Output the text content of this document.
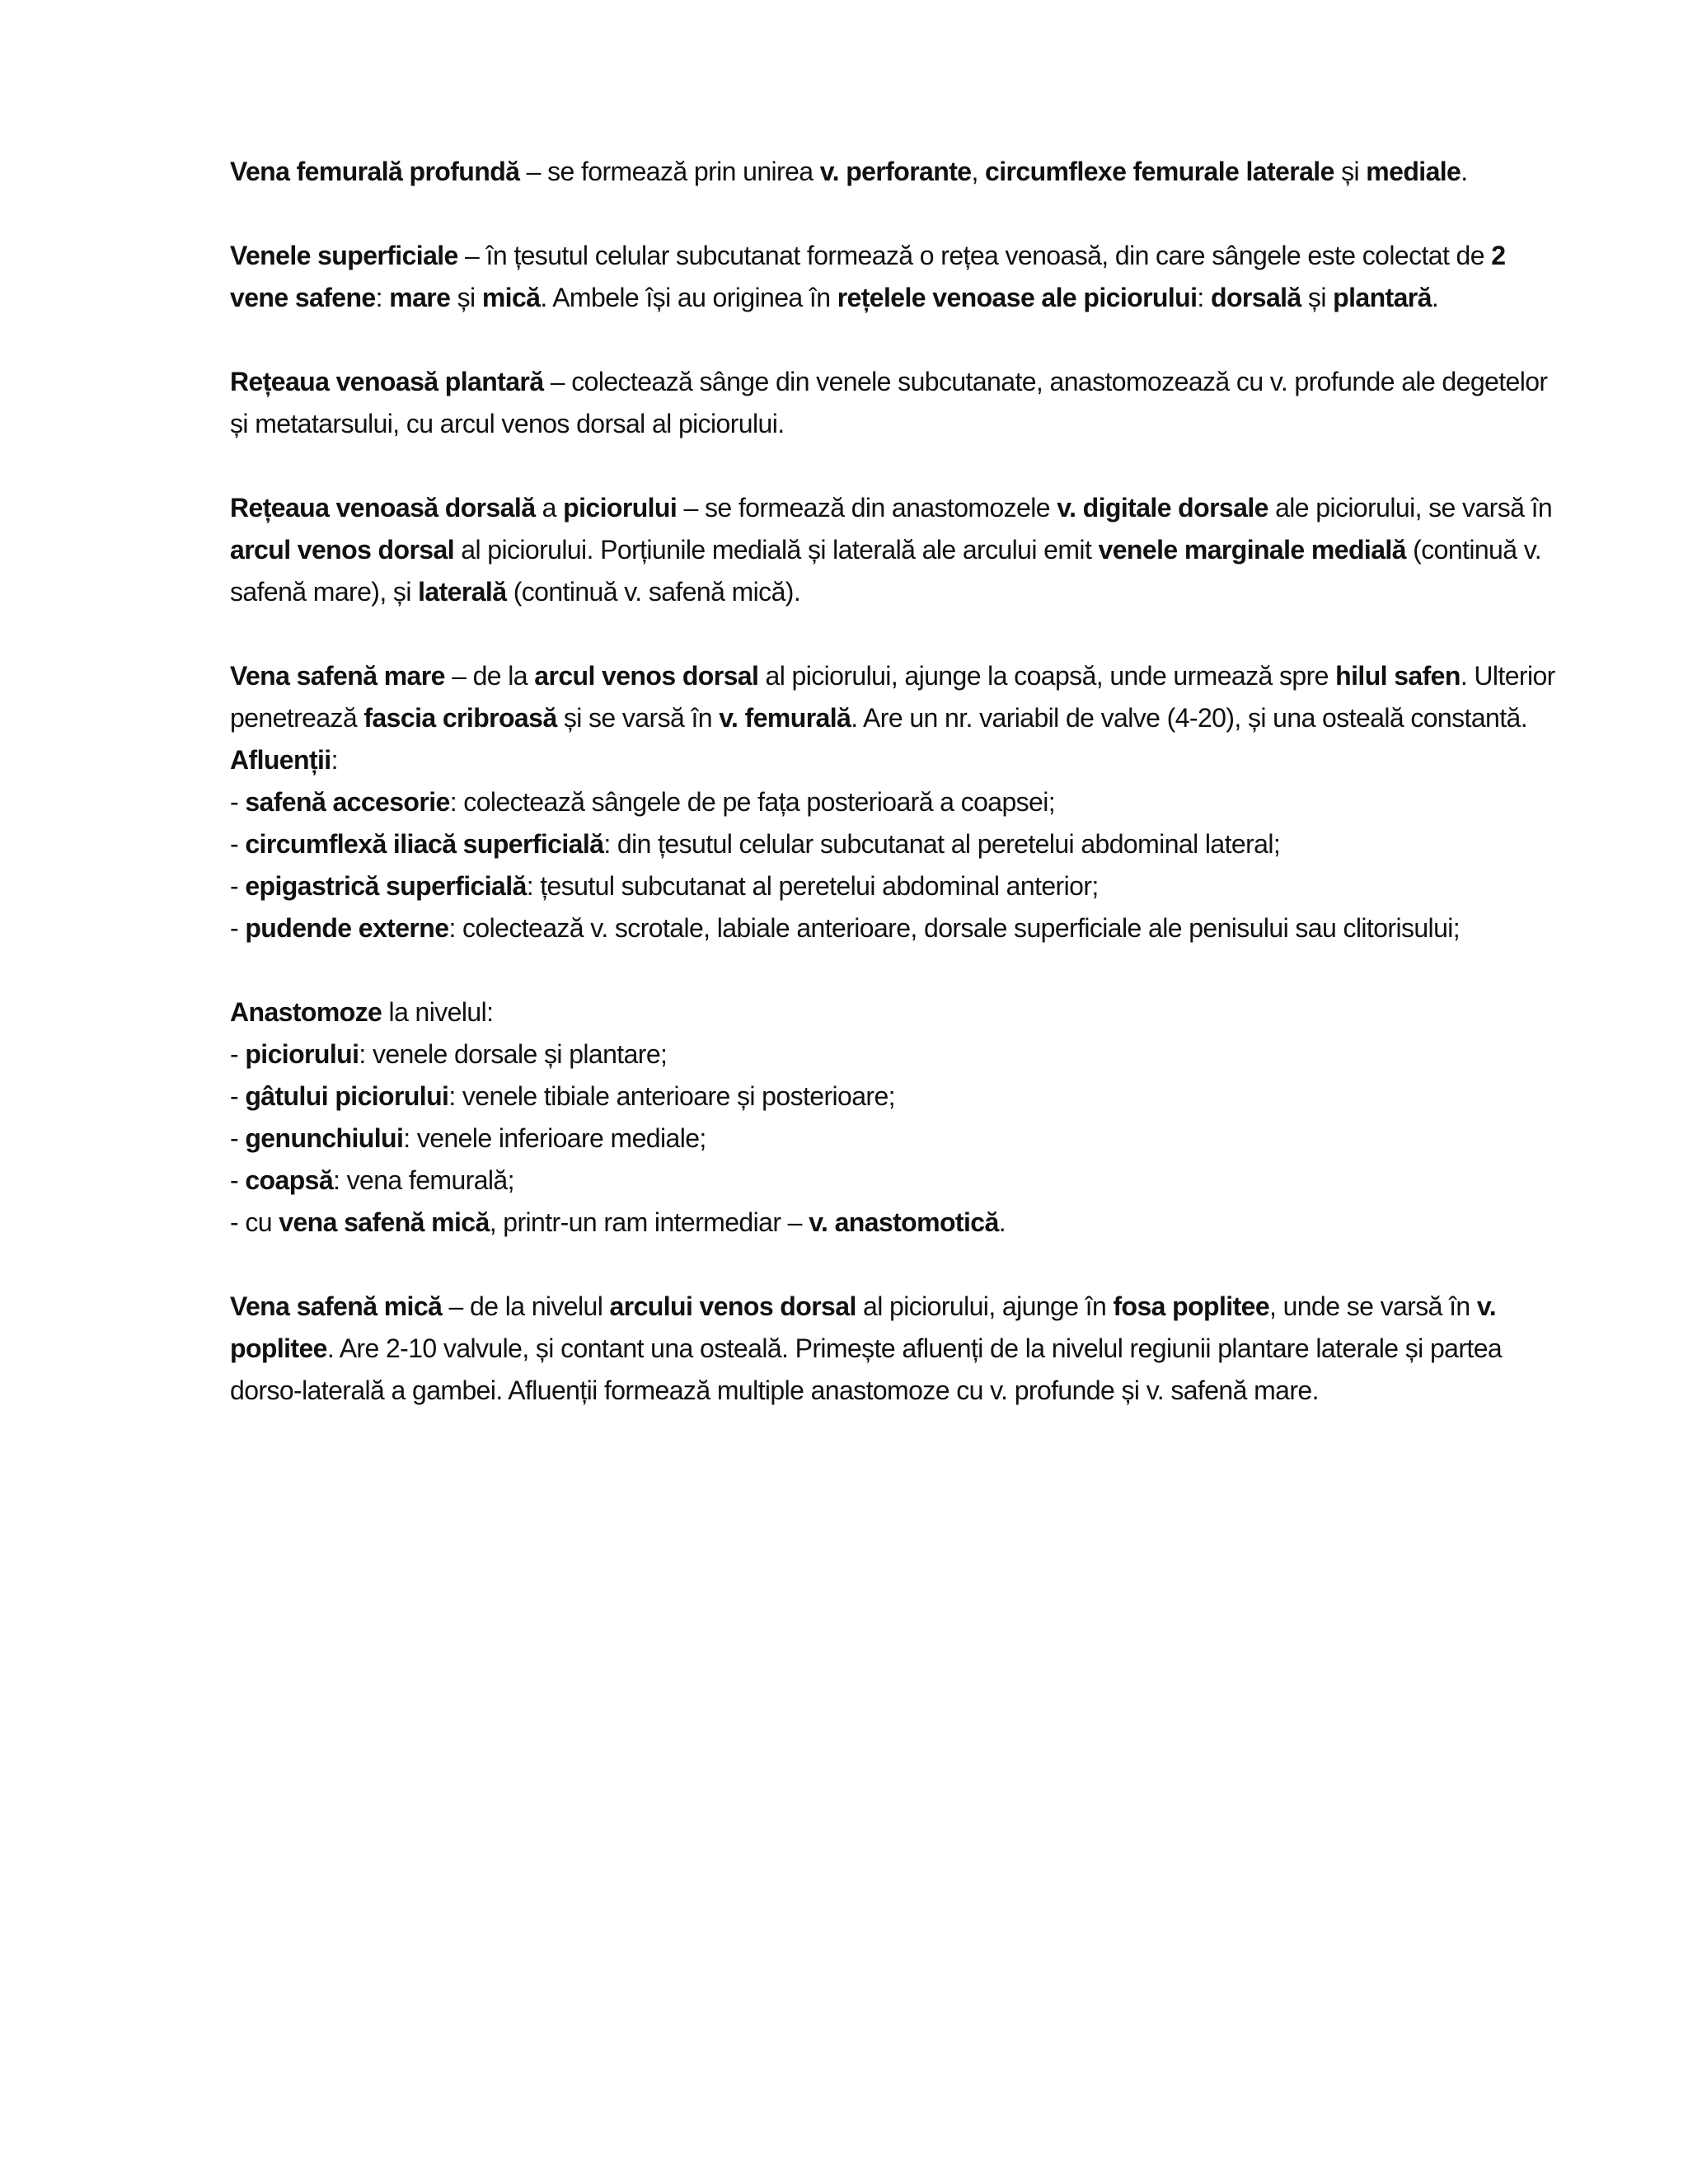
Vena femurală profundă – se formează prin unirea v. perforante, circumflexe femurale laterale și mediale.

Venele superficiale – în țesutul celular subcutanat formează o rețea venoasă, din care sângele este colectat de 2 vene safene: mare și mică. Ambele își au originea în rețelele venoase ale piciorului: dorsală și plantară.

Rețeaua venoasă plantară – colectează sânge din venele subcutanate, anastomozează cu v. profunde ale degetelor și metatarsului, cu arcul venos dorsal al piciorului.

Rețeaua venoasă dorsală a piciorului – se formează din anastomozele v. digitale dorsale ale piciorului, se varsă în arcul venos dorsal al piciorului. Porțiunile medială și laterală ale arcului emit venele marginale medială (continuă v. safenă mare), și laterală (continuă v. safenă mică).

Vena safenă mare – de la arcul venos dorsal al piciorului, ajunge la coapsă, unde urmează spre hilul safen. Ulterior penetrează fascia cribroasă și se varsă în v. femurală. Are un nr. variabil de valve (4-20), și una osteală constantă.

Afluenții:
- safenă accesorie: colectează sângele de pe fața posterioară a coapsei;
- circumflexă iliacă superficială: din țesutul celular subcutanat al peretelui abdominal lateral;
- epigastrică superficială: țesutul subcutanat al peretelui abdominal anterior;
- pudende externe: colectează v. scrotale, labiale anterioare, dorsale superficiale ale penisului sau clitorisului;

Anastomoze la nivelul:
- piciorului: venele dorsale și plantare;
- gâtului piciorului: venele tibiale anterioare și posterioare;
- genunchiului: venele inferioare mediale;
- coapsă: vena femurală;
- cu vena safenă mică, printr-un ram intermediar – v. anastomotică.

Vena safenă mică – de la nivelul arcului venos dorsal al piciorului, ajunge în fosa poplitee, unde se varsă în v. poplitee. Are 2-10 valvule, și contant una osteală. Primește afluenți de la nivelul regiunii plantare laterale și partea dorso-laterală a gambei. Afluenții formează multiple anastomoze cu v. profunde și v. safenă mare.
